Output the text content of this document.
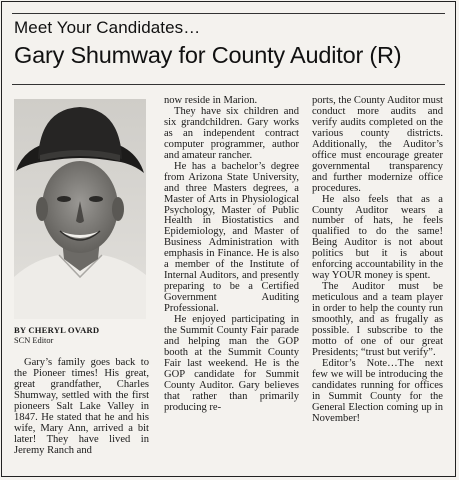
Meet Your Candidates…
Gary Shumway for County Auditor (R)
BY CHERYL OVARD
SCN Editor

Gary’s family goes back to the Pioneer times! His great, great grandfather, Charles Shumway, settled with the first pioneers Salt Lake Valley in 1847. He stated that he and his wife, Mary Ann, arrived a bit later! They have lived in Jeremy Ranch and

now reside in Marion.

They have six children and six grandchildren. Gary works as an independent contract computer programmer, author and amateur rancher.

He has a bachelor’s degree from Arizona State University, and three Masters degrees, a Master of Arts in Physiological Psychology, Master of Public Health in Biostatistics and Epidemiology, and Master of Business Administration with emphasis in Finance. He is also a member of the Institute of Internal Auditors, and presently preparing to be a Certified Government Auditing Professional.

He enjoyed participating in the Summit County Fair parade and helping man the GOP booth at the Summit County Fair last weekend. He is the GOP candidate for Summit County Auditor. Gary believes that rather than primarily producing re-

ports, the County Auditor must conduct more audits and verify audits completed on the various county districts. Additionally, the Auditor’s office must encourage greater governmental transparency and further modernize office procedures.

He also feels that as a County Auditor wears a number of hats, he feels qualified to do the same! Being Auditor is not about politics but it is about enforcing accountability in the way YOUR money is spent.

The Auditor must be meticulous and a team player in order to help the county run smoothly, and as frugally as possible. I subscribe to the motto of one of our great Presidents; “trust but verify”.

Editor’s Note…The next few we will be introducing the candidates running for offices in Summit County for the General Election coming up in November!
